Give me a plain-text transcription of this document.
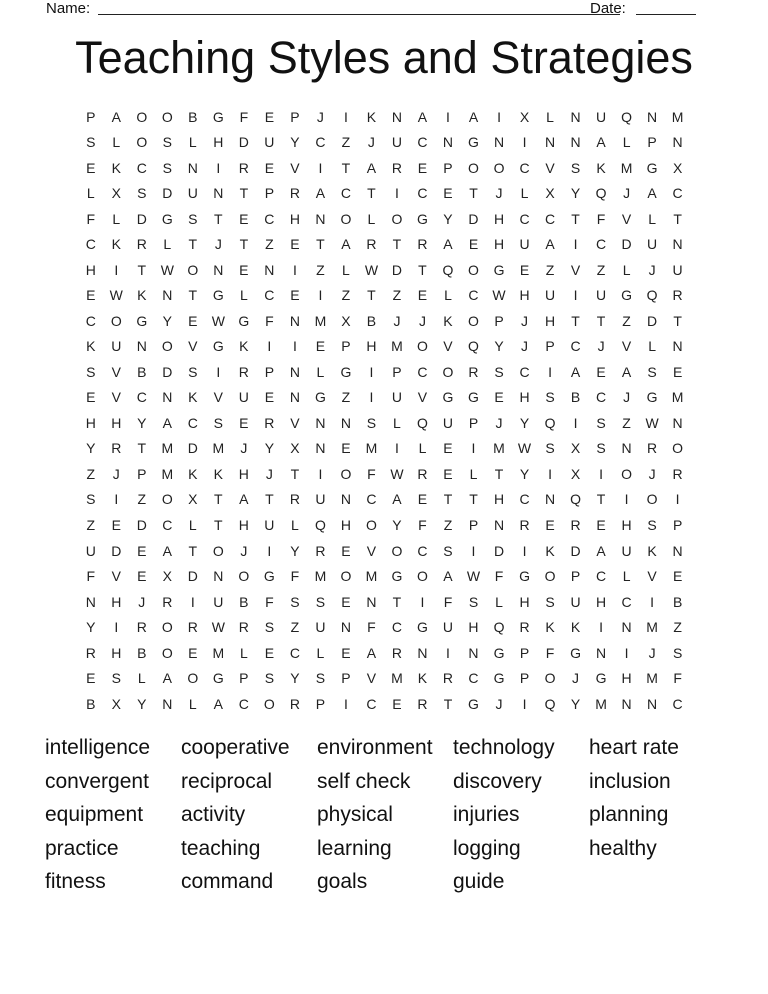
Name:	Date:
Teaching Styles and Strategies
P	A	O	O	B	G	F	E	P	J	I	K	N	A	I	A	I	X	L	N	U	Q	N	M
S	L	O	S	L	H	D	U	Y	C	Z	J	U	C	N	G	N	I	N	N	A	L	P	N
E	K	C	S	N	I	R	E	V	I	T	A	R	E	P	O	O	C	V	S	K	M	G	X
L	X	S	D	U	N	T	P	R	A	C	T	I	C	E	T	J	L	X	Y	Q	J	A	C
F	L	D	G	S	T	E	C	H	N	O	L	O	G	Y	D	H	C	C	T	F	V	L	T
C	K	R	L	T	J	T	Z	E	T	A	R	T	R	A	E	H	U	A	I	C	D	U	N
H	I	T	W O	N	E	N	I	Z	L	W D	T	Q	O	G	E	Z	V	Z	L	J	U
E	W	K	N	T	G	L	C	E	I	Z	T	Z	E	L	C W H	U	I	U	G	Q	R
C	O	G	Y	E	W G	F	N	M	X	B	J	J	K	O	P	J	H	T	T	Z	D	T
K	U	N	O	V	G	K	I	I	E	P	H	M	O	V	Q	Y	J	P	C	J	V	L	N
S	V	B	D	S	I	R	P	N	L	G	I	P	C	O	R	S	C	I	A	E	A	S	E
E	V	C	N	K	V	U	E	N	G	Z	I	U	V	G	G	E	H	S	B	C	J	G	M
H	H	Y	A	C	S	E	R	V	N	N	S	L	Q	U	P	J	Y	Q	I	S	Z	W N
Y	R	T	M	D	M	J	Y	X	N	E	M	I	L	E	I	M W	S	X	S	N	R	O
Z	J	P	M	K	K	H	J	T	I	O	F	W R	E	L	T	Y	I	X	I	O	J	R
S	I	Z	O	X	T	A	T	R	U	N	C	A	E	T	T	H	C	N	Q	T	I	O	I
Z	E	D	C	L	T	H	U	L	Q	H	O	Y	F	Z	P	N	R	E	R	E	H	S	P
U	D	E	A	T	O	J	I	Y	R	E	V	O	C	S	I	D	I	K	D	A	U	K	N
F	V	E	X	D	N	O	G	F	M	O	M	G	O	A	W	F	G	O	P	C	L	V	E
N	H	J	R	I	U	B	F	S	S	E	N	T	I	F	S	L	H	S	U	H	C	I	B
Y	I	R	O	R W R	S	Z	U	N	F	C	G	U	H	Q	R	K	K	I	N	M	Z
R	H	B	O	E	M	L	E	C	L	E	A	R	N	I	N	G	P	F	G	N	I	J	S
E	S	L	A	O	G	P	S	Y	S	P	V	M	K	R	C	G	P	O	J	G	H	M	F
B	X	Y	N	L	A	C	O	R	P	I	C	E	R	T	G	J	I	Q	Y	M	N	N	C
intelligence
convergent
equipment
practice
fitness
cooperative
reciprocal
activity
teaching
command
environment
self check
physical
learning
goals
technology
discovery
injuries
logging
guide
heart rate
inclusion
planning
healthy
